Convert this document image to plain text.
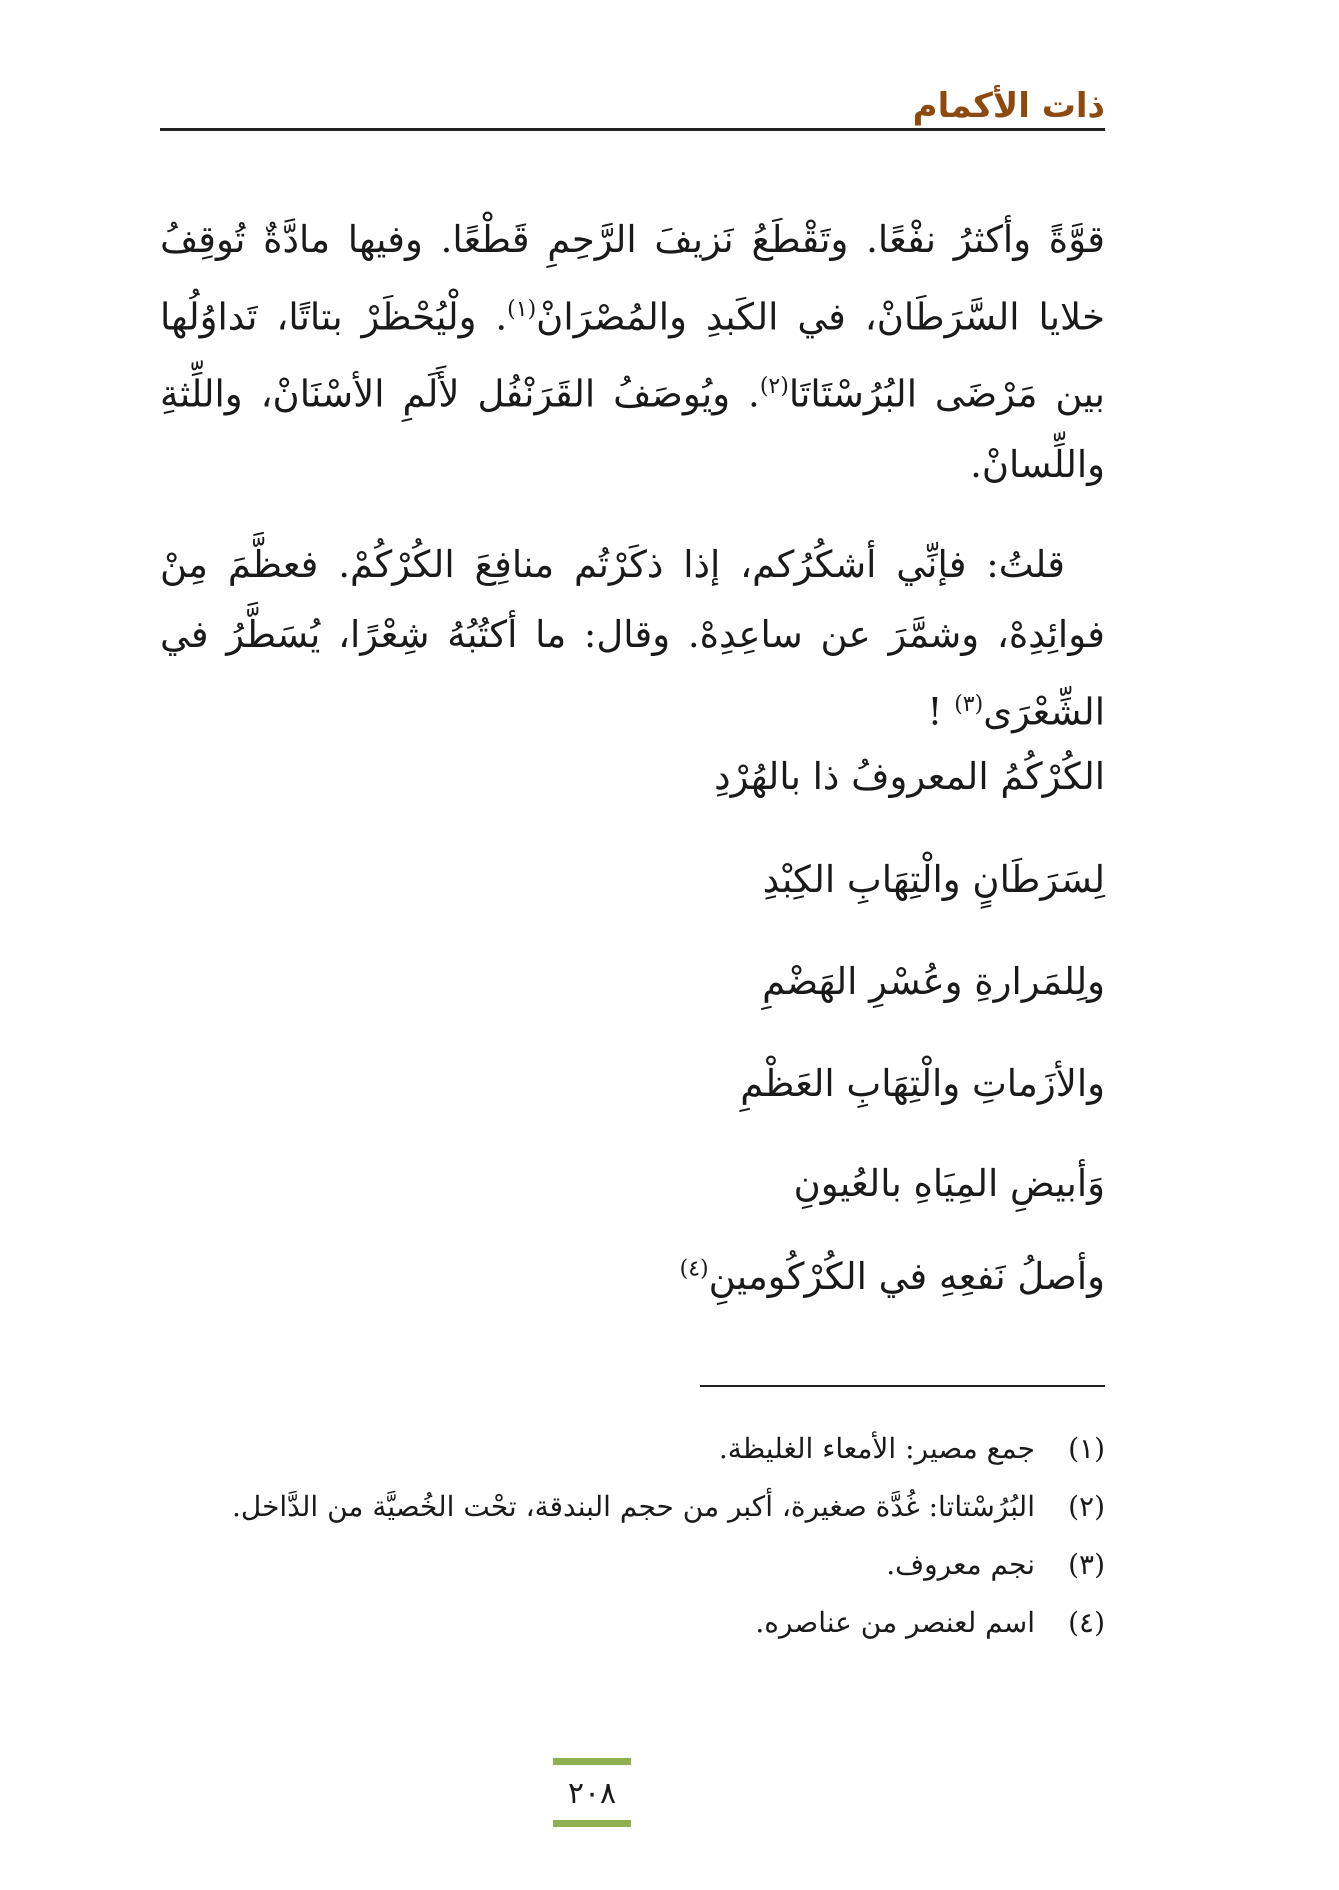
ذات الأكمام

قوَّةً وأكثرُ نفْعًا. وتَقْطَعُ نَزيفَ الرَّحِمِ قَطْعًا. وفيها مادَّةٌ تُوقِفُ خلايا السَّرَطَانْ، في الكَبدِ والمُصْرَانْ$^{(١)}$. ولْيُحْظَرْ بتاتًا، تَداوُلُها بين مَرْضَى البُرُسْتَاتَا$^{(٢)}$. ويُوصَفُ القَرَنْفُل لأَلَمِ الأسْنَانْ، واللِّثةِ واللِّسانْ.

قلتُ: فإنِّي أشكُرُكم، إذا ذكَرْتُم منافِعَ الكُرْكُمْ. فعظَّمَ مِنْ فوائِدِهْ، وشمَّرَ عن ساعِدِهْ. وقال: ما أكتُبُهُ شِعْرًا، يُسَطَّرُ في الشِّعْرَى$^{(٣)}$ !

الكُرْكُمُ المعروفُ ذا بالهُرْدِ
لِسَرَطَانٍ والْتِهَابِ الكِبْدِ
ولِلمَرارةِ وعُسْرِ الهَضْمِ
والأزَماتِ والْتِهَابِ العَظْمِ
وَأبيضِ المِيَاهِ بالعُيونِ
وأصلُ نَفعِهِ في الكُرْكُومينِ$^{(٤)}$
(١)
جمع مصير: الأمعاء الغليظة.
(٢)
البُرُسْتاتا: غُدَّة صغيرة، أكبر من حجم البندقة، تحْت الخُصيَّة من الدَّاخل.
(٣)
نجم معروف.
(٤)
اسم لعنصر من عناصره.
٢٠٨
